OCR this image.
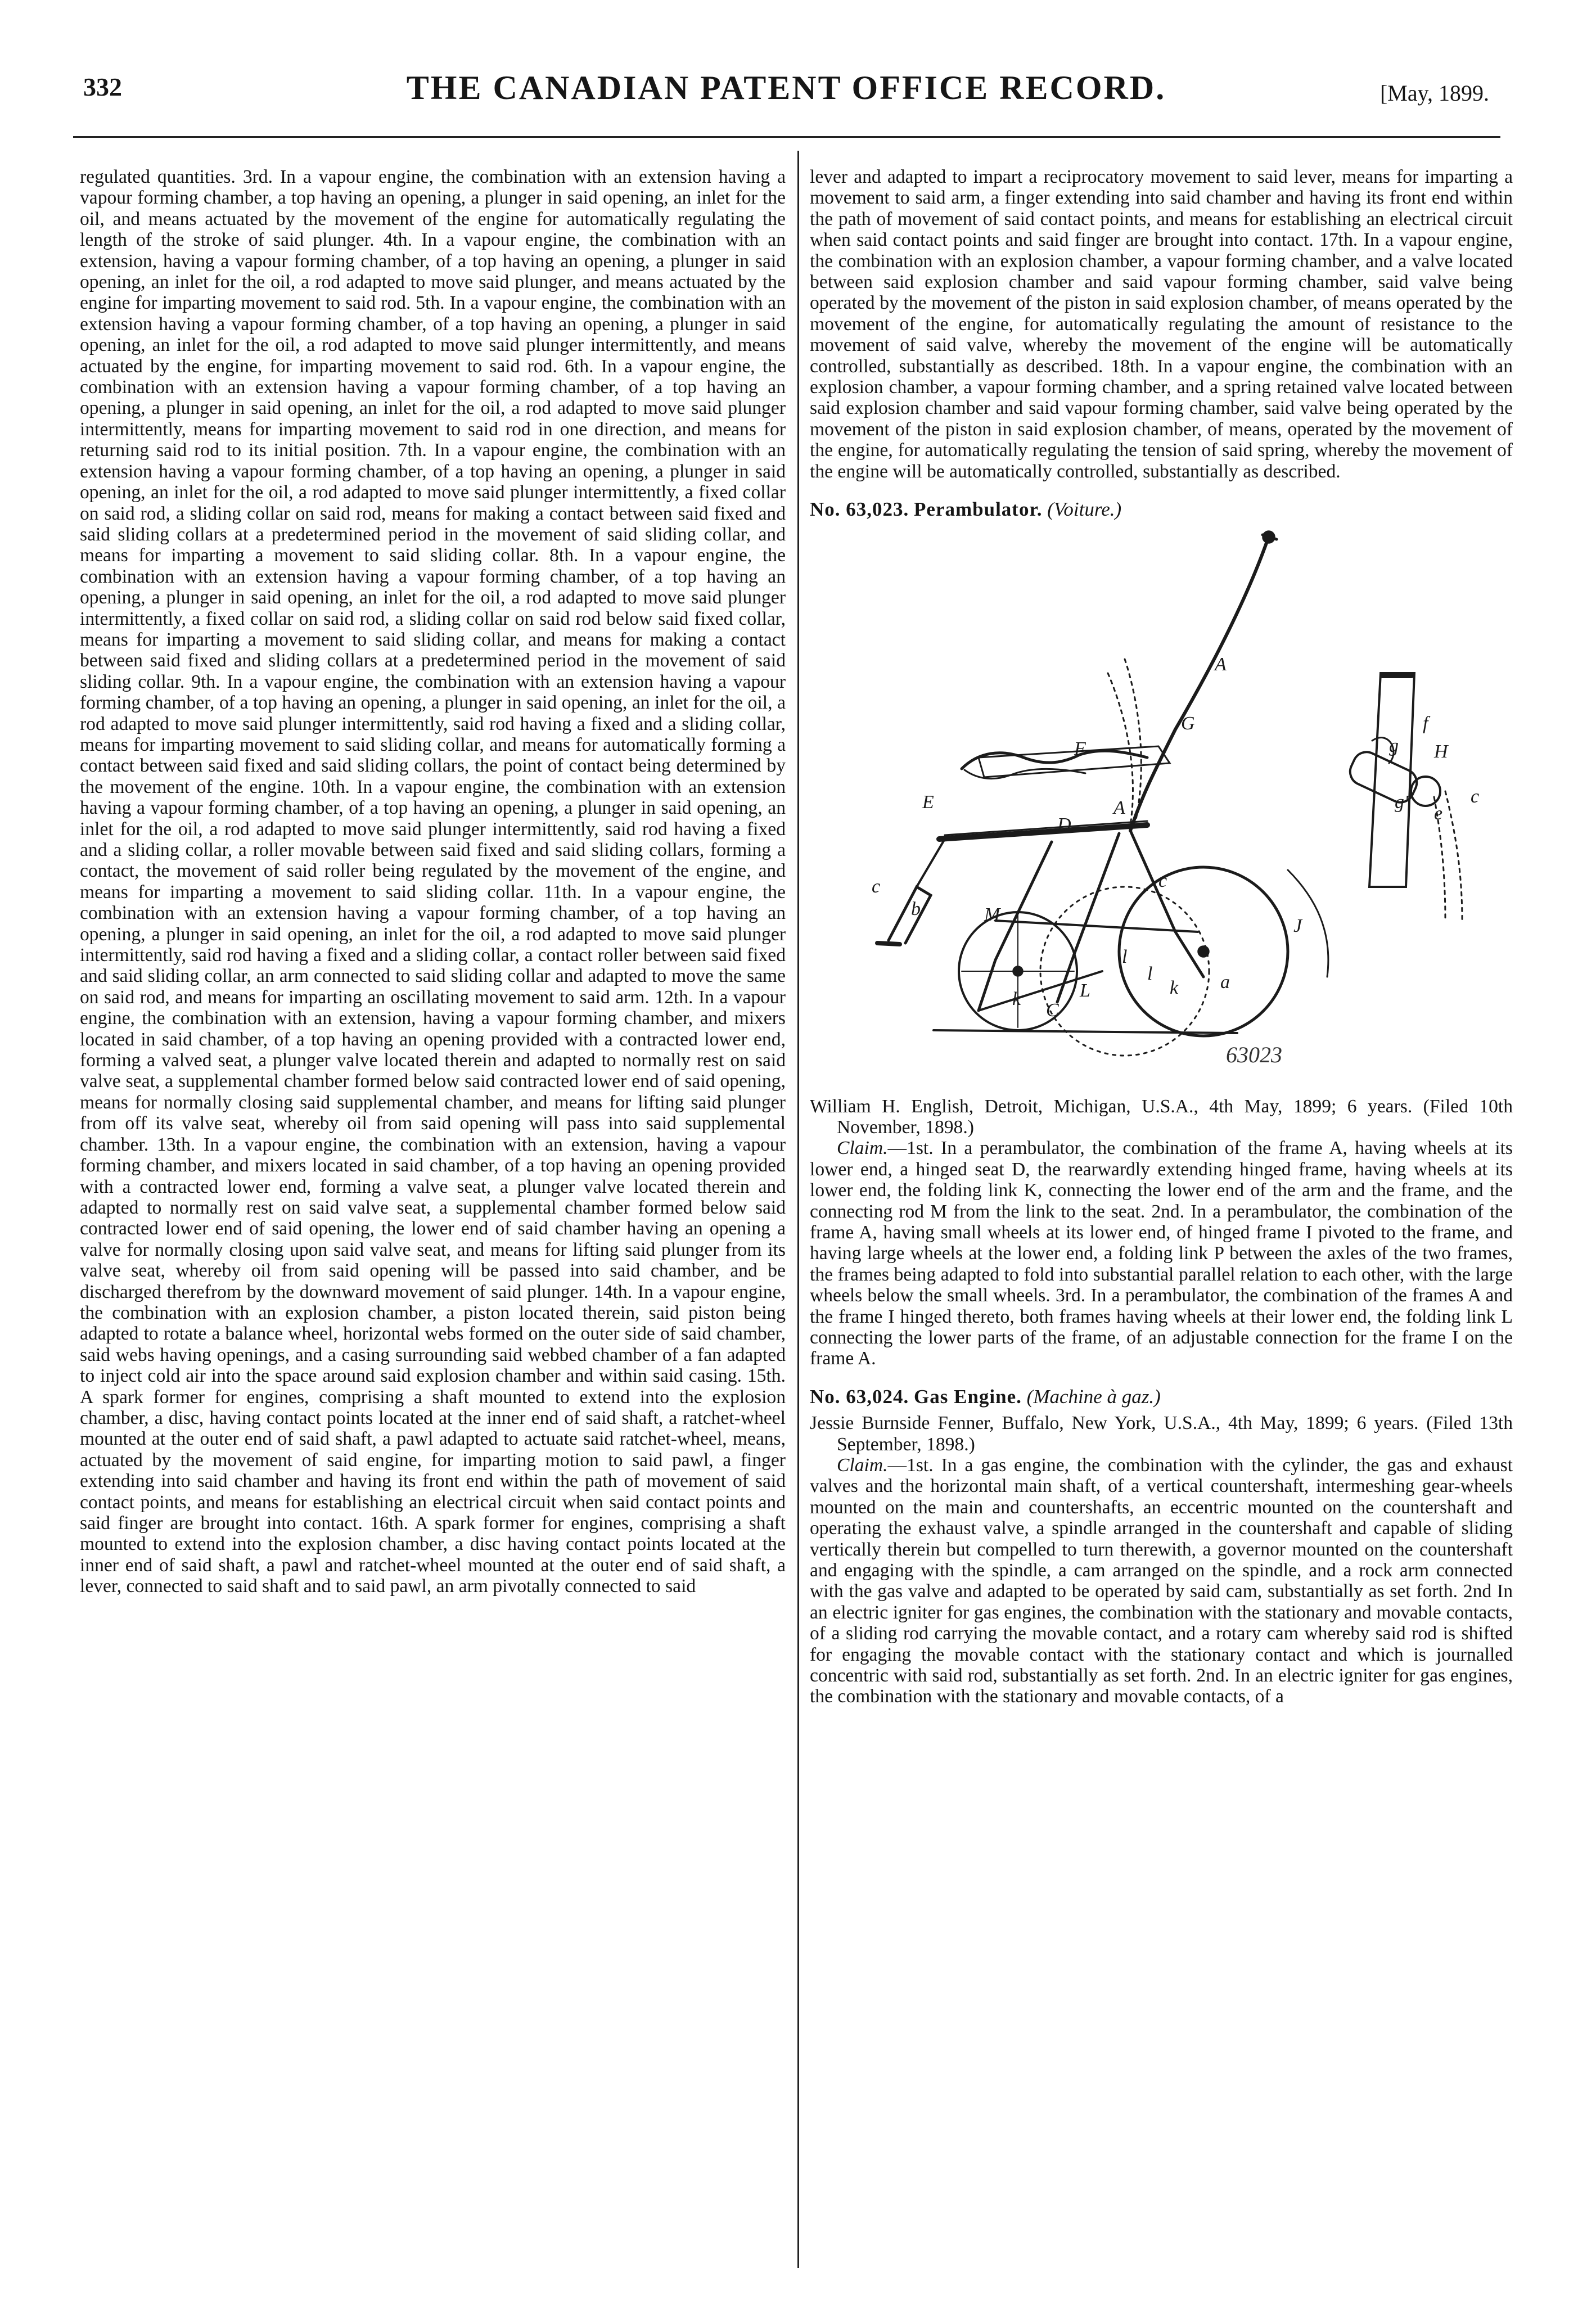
332	THE CANADIAN PATENT OFFICE RECORD.	[May, 1899.

regulated quantities. 3rd. In a vapour engine, the combination with an extension having a vapour forming chamber, a top having an opening, a plunger in said opening, an inlet for the oil, and means actuated by the movement of the engine for automatically regulating the length of the stroke of said plunger. 4th. In a vapour engine, the combination with an extension, having a vapour forming chamber, of a top having an opening, a plunger in said opening, an inlet for the oil, a rod adapted to move said plunger, and means actuated by the engine for imparting movement to said rod. 5th. In a vapour engine, the combination with an extension having a vapour forming chamber, of a top having an opening, a plunger in said opening, an inlet for the oil, a rod adapted to move said plunger intermittently, and means actuated by the engine, for imparting movement to said rod. 6th. In a vapour engine, the combination with an extension having a vapour forming chamber, of a top having an opening, a plunger in said opening, an inlet for the oil, a rod adapted to move said plunger intermittently, means for imparting movement to said rod in one direction, and means for returning said rod to its initial position. 7th. In a vapour engine, the combination with an extension having a vapour forming chamber, of a top having an opening, a plunger in said opening, an inlet for the oil, a rod adapted to move said plunger intermittently, a fixed collar on said rod, a sliding collar on said rod, means for making a contact between said fixed and said sliding collars at a predetermined period in the movement of said sliding collar, and means for imparting a movement to said sliding collar. 8th. In a vapour engine, the combination with an extension having a vapour forming chamber, of a top having an opening, a plunger in said opening, an inlet for the oil, a rod adapted to move said plunger intermittently, a fixed collar on said rod, a sliding collar on said rod below said fixed collar, means for imparting a movement to said sliding collar, and means for making a contact between said fixed and sliding collars at a predetermined period in the movement of said sliding collar. 9th. In a vapour engine, the combination with an extension having a vapour forming chamber, of a top having an opening, a plunger in said opening, an inlet for the oil, a rod adapted to move said plunger intermittently, said rod having a fixed and a sliding collar, means for imparting movement to said sliding collar, and means for automatically forming a contact between said fixed and said sliding collars, the point of contact being determined by the movement of the engine. 10th. In a vapour engine, the combination with an extension having a vapour forming chamber, of a top having an opening, a plunger in said opening, an inlet for the oil, a rod adapted to move said plunger intermittently, said rod having a fixed and a sliding collar, a roller movable between said fixed and said sliding collars, forming a contact, the movement of said roller being regulated by the movement of the engine, and means for imparting a movement to said sliding collar. 11th. In a vapour engine, the combination with an extension having a vapour forming chamber, of a top having an opening, a plunger in said opening, an inlet for the oil, a rod adapted to move said plunger intermittently, said rod having a fixed and a sliding collar, a contact roller between said fixed and said sliding collar, an arm connected to said sliding collar and adapted to move the same on said rod, and means for imparting an oscillating movement to said arm. 12th. In a vapour engine, the combination with an extension, having a vapour forming chamber, and mixers located in said chamber, of a top having an opening provided with a contracted lower end, forming a valved seat, a plunger valve located therein and adapted to normally rest on said valve seat, a supplemental chamber formed below said contracted lower end of said opening, means for normally closing said supplemental chamber, and means for lifting said plunger from off its valve seat, whereby oil from said opening will pass into said supplemental chamber. 13th. In a vapour engine, the combination with an extension, having a vapour forming chamber, and mixers located in said chamber, of a top having an opening provided with a contracted lower end, forming a valve seat, a plunger valve located therein and adapted to normally rest on said valve seat, a supplemental chamber formed below said contracted lower end of said opening, the lower end of said chamber having an opening a valve for normally closing upon said valve seat, and means for lifting said plunger from its valve seat, whereby oil from said opening will be passed into said chamber, and be discharged therefrom by the downward movement of said plunger. 14th. In a vapour engine, the combination with an explosion chamber, a piston located therein, said piston being adapted to rotate a balance wheel, horizontal webs formed on the outer side of said chamber, said webs having openings, and a casing surrounding said webbed chamber of a fan adapted to inject cold air into the space around said explosion chamber and within said casing. 15th. A spark former for engines, comprising a shaft mounted to extend into the explosion chamber, a disc, having contact points located at the inner end of said shaft, a ratchet-wheel mounted at the outer end of said shaft, a pawl adapted to actuate said ratchet-wheel, means, actuated by the movement of said engine, for imparting motion to said pawl, a finger extending into said chamber and having its front end within the path of movement of said contact points, and means for establishing an electrical circuit when said contact points and said finger are brought into contact. 16th. A spark former for engines, comprising a shaft mounted to extend into the explosion chamber, a disc having contact points located at the inner end of said shaft, a pawl and ratchet-wheel mounted at the outer end of said shaft, a lever, connected to said shaft and to said pawl, an arm pivotally connected to said

lever and adapted to impart a reciprocatory movement to said lever, means for imparting a movement to said arm, a finger extending into said chamber and having its front end within the path of movement of said contact points, and means for establishing an electrical circuit when said contact points and said finger are brought into contact. 17th. In a vapour engine, the combination with an explosion chamber, a vapour forming chamber, and a valve located between said explosion chamber and said vapour forming chamber, said valve being operated by the movement of the piston in said explosion chamber, of means operated by the movement of the engine, for automatically regulating the amount of resistance to the movement of said valve, whereby the movement of the engine will be automatically controlled, substantially as described. 18th. In a vapour engine, the combination with an explosion chamber, a vapour forming chamber, and a spring retained valve located between said explosion chamber and said vapour forming chamber, said valve being operated by the movement of the piston in said explosion chamber, of means, operated by the movement of the engine, for automatically regulating the tension of said spring, whereby the movement of the engine will be automatically controlled, substantially as described.

No. 63,023. Perambulator. (Voiture.)

A
G
F
E	A
b
c
M
D
c
J
l
l
L	k a
k
C
f
g H
g'
e
c
63023

William H. English, Detroit, Michigan, U.S.A., 4th May, 1899; 6 years. (Filed 10th November, 1898.)

Claim.—1st. In a perambulator, the combination of the frame A, having wheels at its lower end, a hinged seat D, the rearwardly extending hinged frame, having wheels at its lower end, the folding link K, connecting the lower end of the arm and the frame, and the connecting rod M from the link to the seat. 2nd. In a perambulator, the combination of the frame A, having small wheels at its lower end, of hinged frame I pivoted to the frame, and having large wheels at the lower end, a folding link P between the axles of the two frames, the frames being adapted to fold into substantial parallel relation to each other, with the large wheels below the small wheels. 3rd. In a perambulator, the combination of the frames A and the frame I hinged thereto, both frames having wheels at their lower end, the folding link L connecting the lower parts of the frame, of an adjustable connection for the frame I on the frame A.

No. 63,024. Gas Engine. (Machine à gaz.)

Jessie Burnside Fenner, Buffalo, New York, U.S.A., 4th May, 1899; 6 years. (Filed 13th September, 1898.)

Claim.—1st. In a gas engine, the combination with the cylinder, the gas and exhaust valves and the horizontal main shaft, of a vertical countershaft, intermeshing gear-wheels mounted on the main and countershafts, an eccentric mounted on the countershaft and operating the exhaust valve, a spindle arranged in the countershaft and capable of sliding vertically therein but compelled to turn therewith, a governor mounted on the countershaft and engaging with the spindle, a cam arranged on the spindle, and a rock arm connected with the gas valve and adapted to be operated by said cam, substantially as set forth. 2nd In an electric igniter for gas engines, the combination with the stationary and movable contacts, of a sliding rod carrying the movable contact, and a rotary cam whereby said rod is shifted for engaging the movable contact with the stationary contact and which is journalled concentric with said rod, substantially as set forth. 2nd. In an electric igniter for gas engines, the combination with the stationary and movable contacts, of a
